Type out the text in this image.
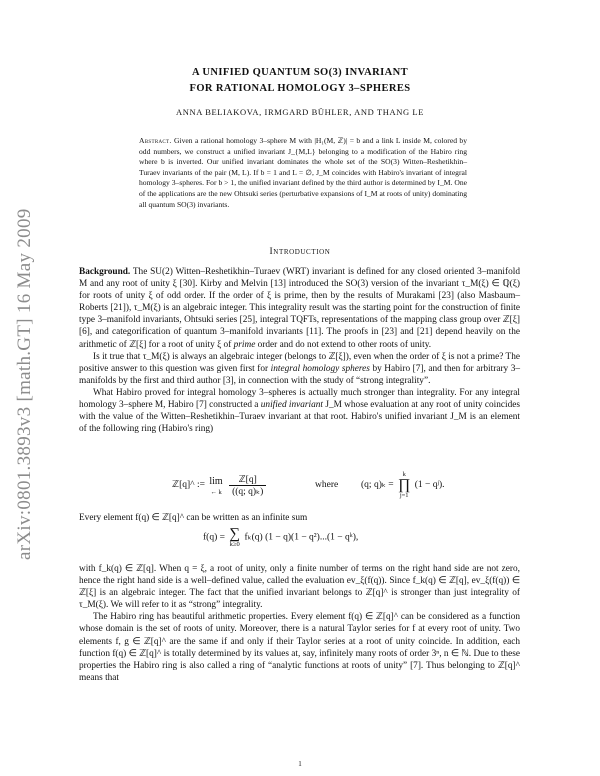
arXiv:0801.3893v3 [math.GT] 16 May 2009
A UNIFIED QUANTUM SO(3) INVARIANT
FOR RATIONAL HOMOLOGY 3–SPHERES
ANNA BELIAKOVA, IRMGARD BÜHLER, AND THANG LE
Abstract. Given a rational homology 3–sphere M with |H₁(M, ℤ)| = b and a link L inside M, colored by odd numbers, we construct a unified invariant J_{M,L} belonging to a modification of the Habiro ring where b is inverted. Our unified invariant dominates the whole set of the SO(3) Witten–Reshetikhin–Turaev invariants of the pair (M, L). If b = 1 and L = ∅, J_M coincides with Habiro's invariant of integral homology 3–spheres. For b > 1, the unified invariant defined by the third author is determined by I_M. One of the applications are the new Ohtsuki series (perturbative expansions of I_M at roots of unity) dominating all quantum SO(3) invariants.
Introduction

Background. The SU(2) Witten–Reshetikhin–Turaev (WRT) invariant is defined for any closed oriented 3–manifold M and any root of unity ξ [30]. Kirby and Melvin [13] introduced the SO(3) version of the invariant τ_M(ξ) ∈ ℚ(ξ) for roots of unity ξ of odd order. If the order of ξ is prime, then by the results of Murakami [23] (also Masbaum–Roberts [21]), τ_M(ξ) is an algebraic integer. This integrality result was the starting point for the construction of finite type 3–manifold invariants, Ohtsuki series [25], integral TQFTs, representations of the mapping class group over ℤ[ξ] [6], and categorification of quantum 3–manifold invariants [11]. The proofs in [23] and [21] depend heavily on the arithmetic of ℤ[ξ] for a root of unity ξ of prime order and do not extend to other roots of unity.

Is it true that τ_M(ξ) is always an algebraic integer (belongs to ℤ[ξ]), even when the order of ξ is not a prime? The positive answer to this question was given first for integral homology spheres by Habiro [7], and then for arbitrary 3–manifolds by the first and third author [3], in connection with the study of “strong integrality”.

What Habiro proved for integral homology 3–spheres is actually much stronger than integrality. For any integral homology 3–sphere M, Habiro [7] constructed a unified invariant J_M whose evaluation at any root of unity coincides with the value of the Witten–Reshetikhin–Turaev invariant at that root. Habiro's unified invariant J_M is an element of the following ring (Habiro's ring)

ℤ[q]^ := lim
← k
$\frac{\text{ℤ[q]}}{\text{((q; q)ₖ)}}$	where (q; q)ₖ =
k
∏
j=1
(1 − qʲ).

Every element f(q) ∈ ℤ[q]^ can be written as an infinite sum

f(q) = ∑
k≥0
fₖ(q) (1 − q)(1 − q²)...(1 − qᵏ),

with f_k(q) ∈ ℤ[q]. When q = ξ, a root of unity, only a finite number of terms on the right hand side are not zero, hence the right hand side is a well–defined value, called the evaluation ev_ξ(f(q)). Since f_k(q) ∈ ℤ[q], ev_ξ(f(q)) ∈ ℤ[ξ] is an algebraic integer. The fact that the unified invariant belongs to ℤ[q]^ is stronger than just integrality of τ_M(ξ). We will refer to it as “strong” integrality.

The Habiro ring has beautiful arithmetic properties. Every element f(q) ∈ ℤ[q]^ can be considered as a function whose domain is the set of roots of unity. Moreover, there is a natural Taylor series for f at every root of unity. Two elements f, g ∈ ℤ[q]^ are the same if and only if their Taylor series at a root of unity coincide. In addition, each function f(q) ∈ ℤ[q]^ is totally determined by its values at, say, infinitely many roots of order 3ⁿ, n ∈ ℕ. Due to these properties the Habiro ring is also called a ring of “analytic functions at roots of unity” [7]. Thus belonging to ℤ[q]^ means that

1
